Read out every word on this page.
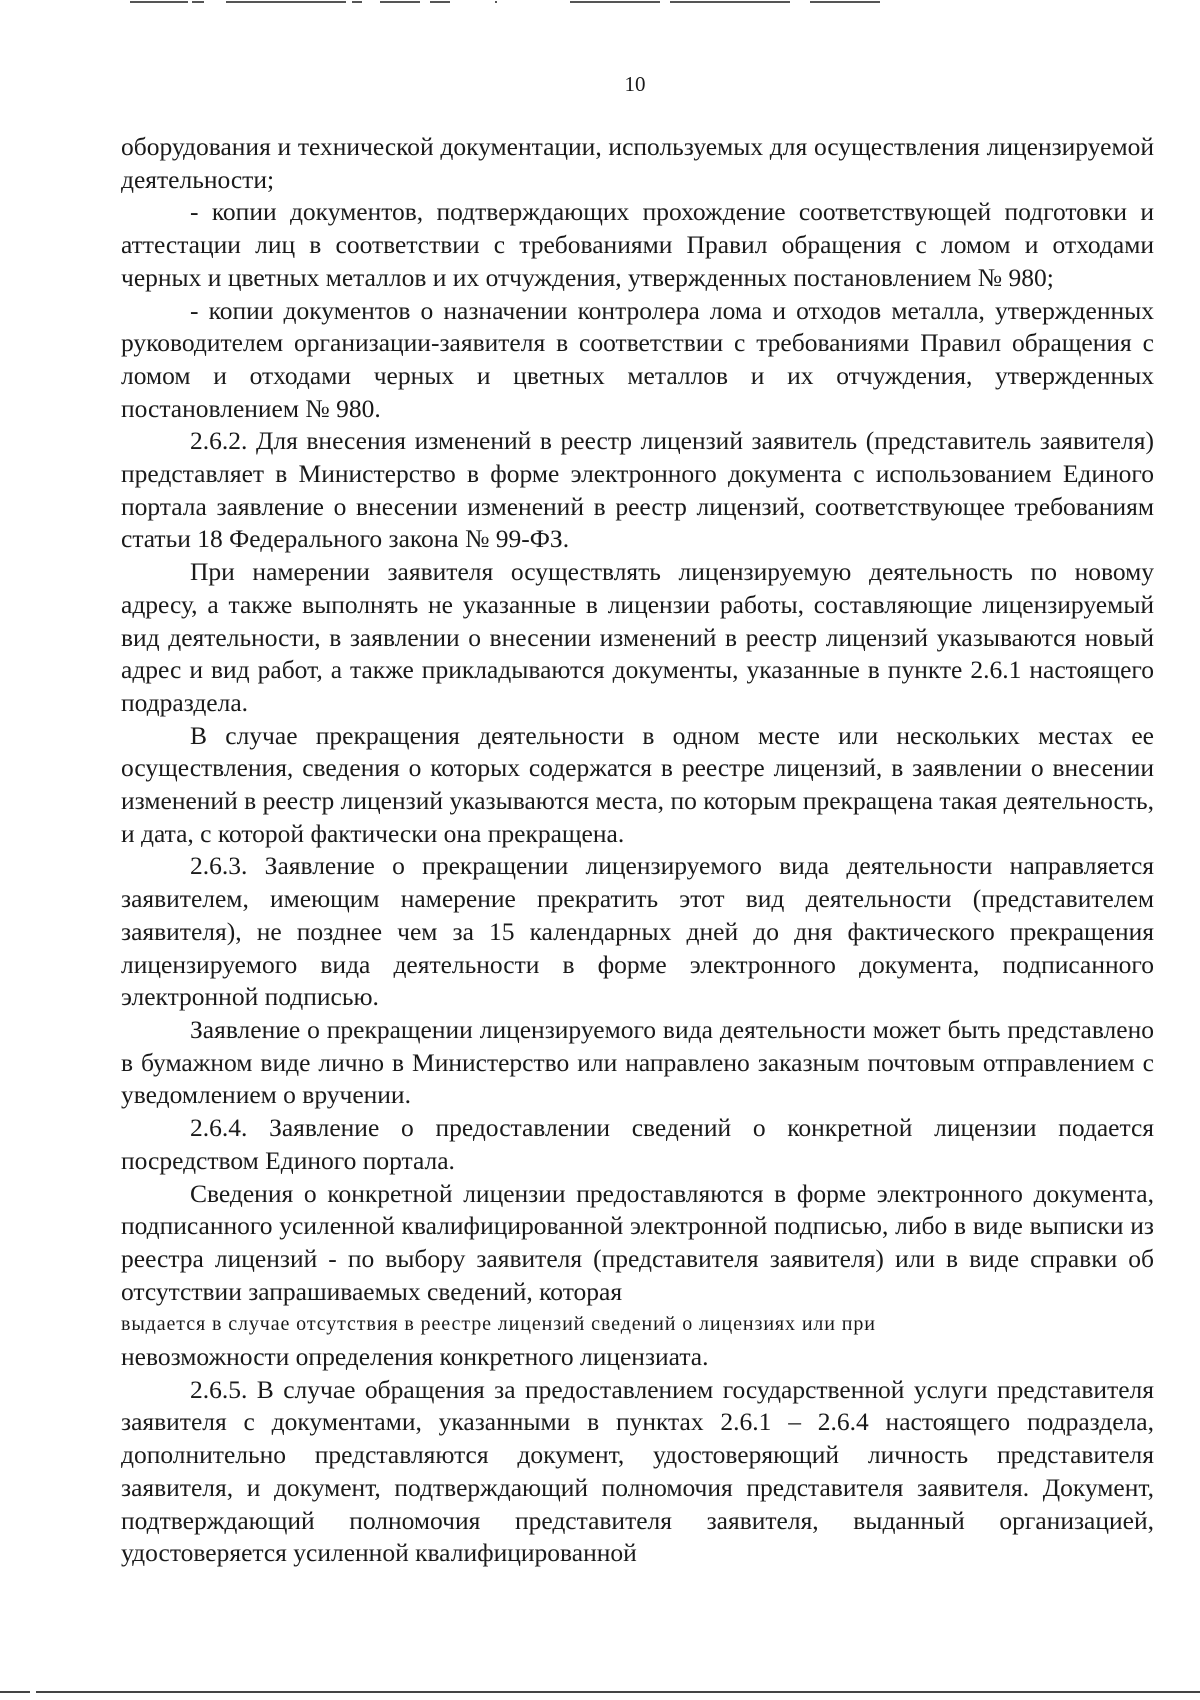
10

оборудования и технической документации, используемых для осуществления лицензируемой деятельности;

- копии документов, подтверждающих прохождение соответствующей подготовки и аттестации лиц в соответствии с требованиями Правил обращения с ломом и отходами черных и цветных металлов и их отчуждения, утвержденных постановлением № 980;

- копии документов о назначении контролера лома и отходов металла, утвержденных руководителем организации-заявителя в соответствии с требованиями Правил обращения с ломом и отходами черных и цветных металлов и их отчуждения, утвержденных постановлением № 980.

2.6.2. Для внесения изменений в реестр лицензий заявитель (представитель заявителя) представляет в Министерство в форме электронного документа с использованием Единого портала заявление о внесении изменений в реестр лицензий, соответствующее требованиям статьи 18 Федерального закона № 99-ФЗ.

При намерении заявителя осуществлять лицензируемую деятельность по новому адресу, а также выполнять не указанные в лицензии работы, составляющие лицензируемый вид деятельности, в заявлении о внесении изменений в реестр лицензий указываются новый адрес и вид работ, а также прикладываются документы, указанные в пункте 2.6.1 настоящего подраздела.

В случае прекращения деятельности в одном месте или нескольких местах ее осуществления, сведения о которых содержатся в реестре лицензий, в заявлении о внесении изменений в реестр лицензий указываются места, по которым прекращена такая деятельность, и дата, с которой фактически она прекращена.

2.6.3. Заявление о прекращении лицензируемого вида деятельности направляется заявителем, имеющим намерение прекратить этот вид деятельности (представителем заявителя), не позднее чем за 15 календарных дней до дня фактического прекращения лицензируемого вида деятельности в форме электронного документа, подписанного электронной подписью.

Заявление о прекращении лицензируемого вида деятельности может быть представлено в бумажном виде лично в Министерство или направлено заказным почтовым отправлением с уведомлением о вручении.

2.6.4. Заявление о предоставлении сведений о конкретной лицензии подается посредством Единого портала.

Сведения о конкретной лицензии предоставляются в форме электронного документа, подписанного усиленной квалифицированной электронной подписью, либо в виде выписки из реестра лицензий - по выбору заявителя (представителя заявителя) или в виде справки об отсутствии запрашиваемых сведений, которая

выдается в случае отсутствия в реестре лицензий сведений о лицензиях или при

невозможности определения конкретного лицензиата.

2.6.5. В случае обращения за предоставлением государственной услуги представителя заявителя с документами, указанными в пунктах 2.6.1 – 2.6.4 настоящего подраздела, дополнительно представляются документ, удостоверяющий личность представителя заявителя, и документ, подтверждающий полномочия представителя заявителя. Документ, подтверждающий полномочия представителя заявителя, выданный организацией, удостоверяется усиленной квалифицированной
